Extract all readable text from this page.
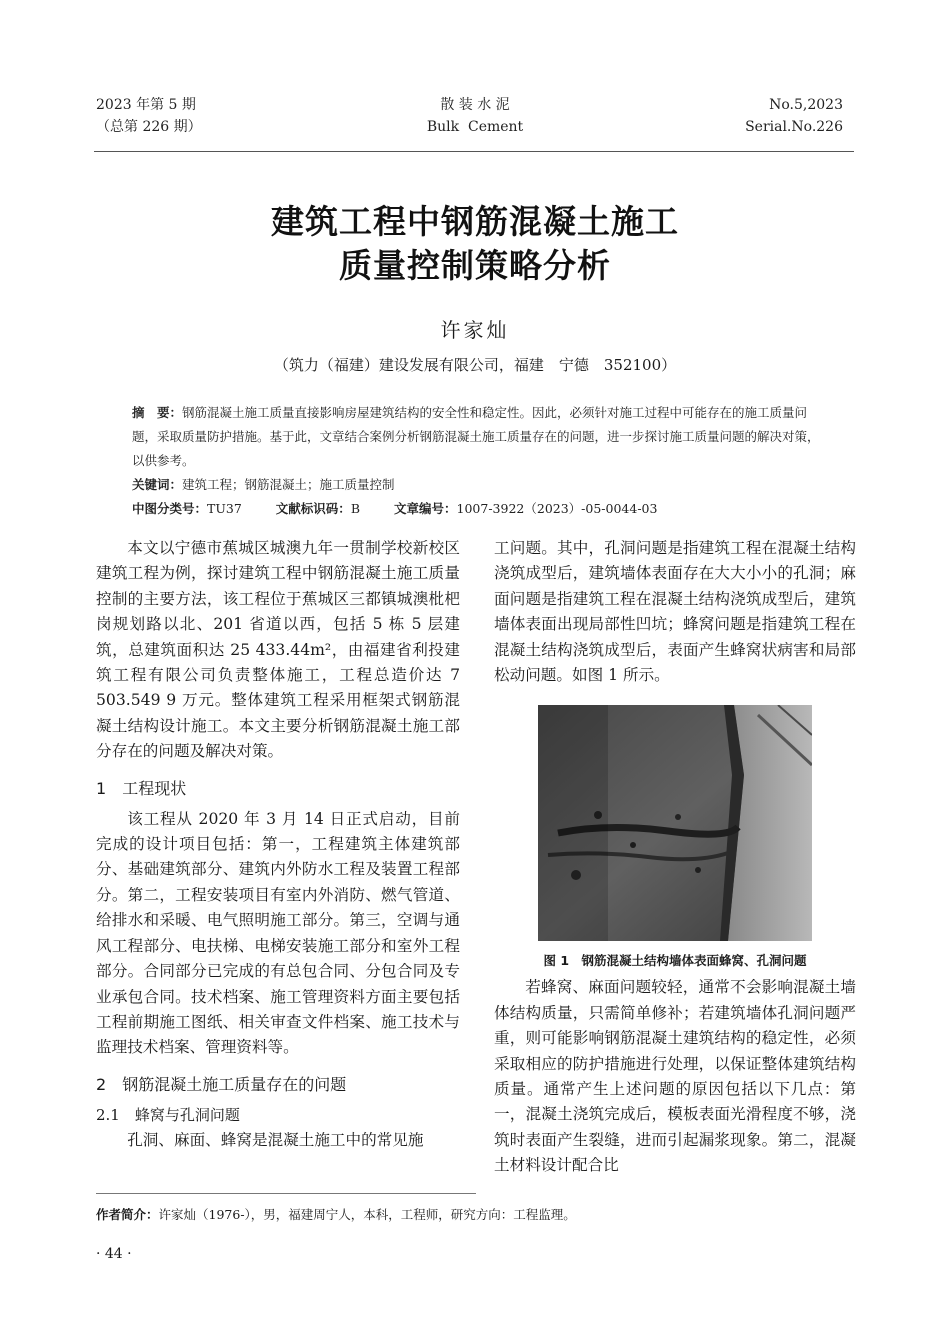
2023 年第 5 期
（总第 226 期）
散 装 水 泥
Bulk  Cement
No.5,2023
Serial.No.226
建筑工程中钢筋混凝土施工
质量控制策略分析
许家灿
（筑力（福建）建设发展有限公司，福建　宁德　352100）

摘　要：钢筋混凝土施工质量直接影响房屋建筑结构的安全性和稳定性。因此，必须针对施工过程中可能存在的施工质量问题，采取质量防护措施。基于此，文章结合案例分析钢筋混凝土施工质量存在的问题，进一步探讨施工质量问题的解决对策，以供参考。

关键词：建筑工程；钢筋混凝土；施工质量控制

中图分类号：TU37	文献标识码：B	文章编号：1007-3922（2023）-05-0044-03

本文以宁德市蕉城区城澳九年一贯制学校新校区建筑工程为例，探讨建筑工程中钢筋混凝土施工质量控制的主要方法，该工程位于蕉城区三都镇城澳枇杷岗规划路以北、201 省道以西，包括 5 栋 5 层建筑，总建筑面积达 25 433.44m²，由福建省利投建筑工程有限公司负责整体施工，工程总造价达 7 503.549 9 万元。整体建筑工程采用框架式钢筋混凝土结构设计施工。本文主要分析钢筋混凝土施工部分存在的问题及解决对策。

1　 工程现状

该工程从 2020 年 3 月 14 日正式启动，目前完成的设计项目包括：第一，工程建筑主体建筑部分、基础建筑部分、建筑内外防水工程及装置工程部分。第二，工程安装项目有室内外消防、燃气管道、给排水和采暖、电气照明施工部分。第三，空调与通风工程部分、电扶梯、电梯安装施工部分和室外工程部分。合同部分已完成的有总包合同、分包合同及专业承包合同。技术档案、施工管理资料方面主要包括工程前期施工图纸、相关审查文件档案、施工技术与监理技术档案、管理资料等。

2　 钢筋混凝土施工质量存在的问题

2.1　 蜂窝与孔洞问题

孔洞、麻面、蜂窝是混凝土施工中的常见施

工问题。其中，孔洞问题是指建筑工程在混凝土结构浇筑成型后，建筑墙体表面存在大大小小的孔洞；麻面问题是指建筑工程在混凝土结构浇筑成型后，建筑墙体表面出现局部性凹坑；蜂窝问题是指建筑工程在混凝土结构浇筑成型后，表面产生蜂窝状病害和局部松动问题。如图 1 所示。

图 1　钢筋混凝土结构墙体表面蜂窝、孔洞问题

若蜂窝、麻面问题较轻，通常不会影响混凝土墙体结构质量，只需简单修补；若建筑墙体孔洞问题严重，则可能影响钢筋混凝土建筑结构的稳定性，必须采取相应的防护措施进行处理，以保证整体建筑结构质量。通常产生上述问题的原因包括以下几点：第一，混凝土浇筑完成后，模板表面光滑程度不够，浇筑时表面产生裂缝，进而引起漏浆现象。第二，混凝土材料设计配合比

作者简介：许家灿（1976-），男，福建周宁人，本科，工程师，研究方向：工程监理。
· 44 ·
